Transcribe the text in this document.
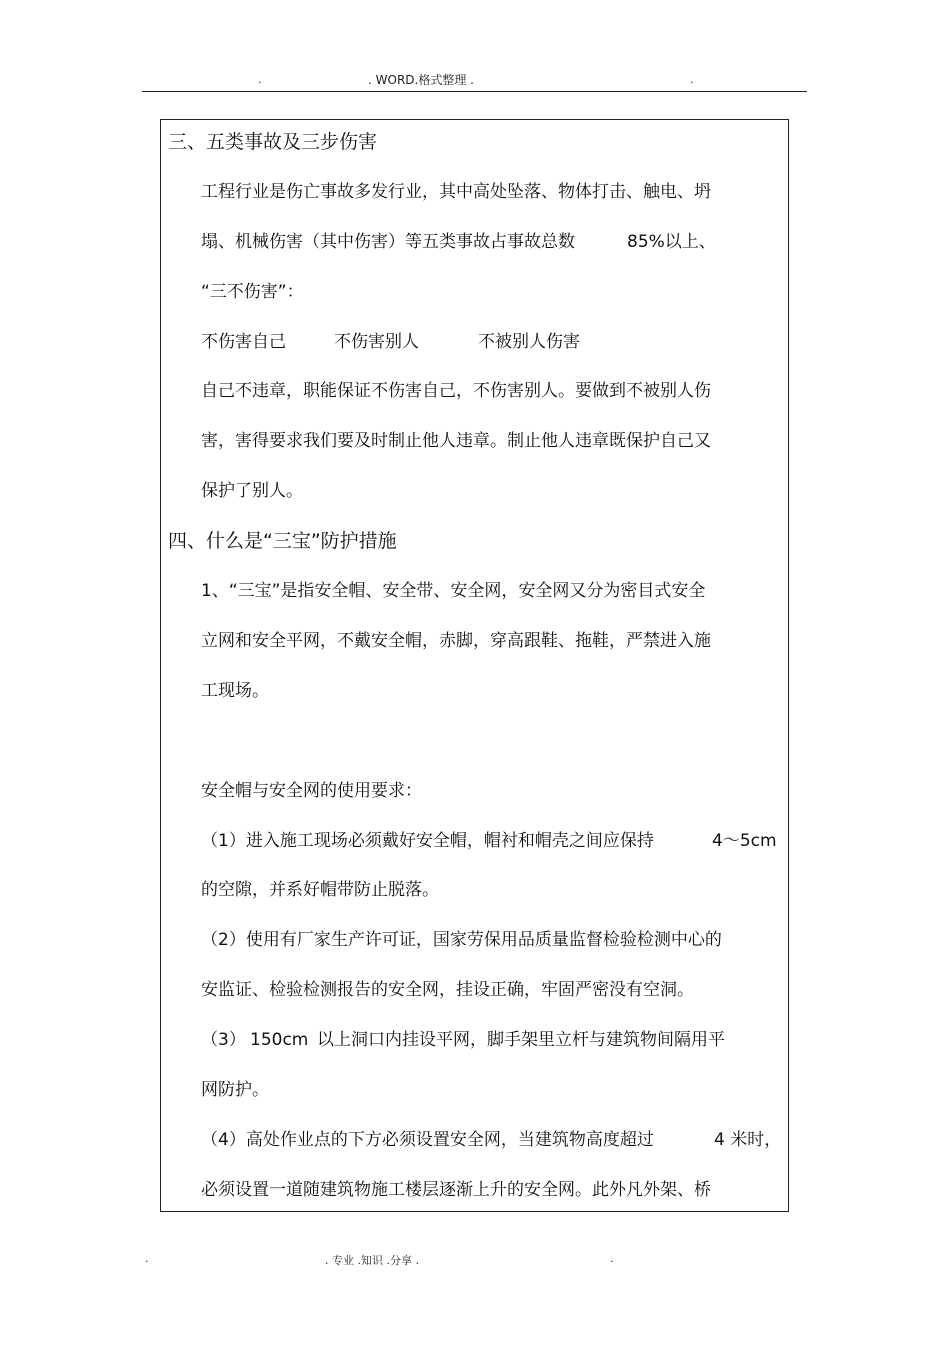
.	. WORD.格式整理 .	.
三、五类事故及三步伤害
工程行业是伤亡事故多发行业，其中高处坠落、物体打击、触电、坍
塌、机械伤害（其中伤害）等五类事故占事故总数	85%以上、
“三不伤害”：
不伤害自己	不伤害别人	不被别人伤害
自己不违章，职能保证不伤害自己，不伤害别人。要做到不被别人伤
害，害得要求我们要及时制止他人违章。制止他人违章既保护自己又
保护了别人。
四、什么是“三宝”防护措施
1、“三宝”是指安全帽、安全带、安全网，安全网又分为密目式安全
立网和安全平网，不戴安全帽，赤脚，穿高跟鞋、拖鞋，严禁进入施
工现场。
安全帽与安全网的使用要求：
（1）进入施工现场必须戴好安全帽，帽衬和帽壳之间应保持	4～5cm
的空隙，并系好帽带防止脱落。
（2）使用有厂家生产许可证，国家劳保用品质量监督检验检测中心的
安监证、检验检测报告的安全网，挂设正确，牢固严密没有空洞。
（3） 150cm 以上洞口内挂设平网，脚手架里立杆与建筑物间隔用平
网防护。
（4）高处作业点的下方必须设置安全网，当建筑物高度超过	4 米时，
必须设置一道随建筑物施工楼层逐渐上升的安全网。此外凡外架、桥
.	. 专业 .知识 .分享 .	.
